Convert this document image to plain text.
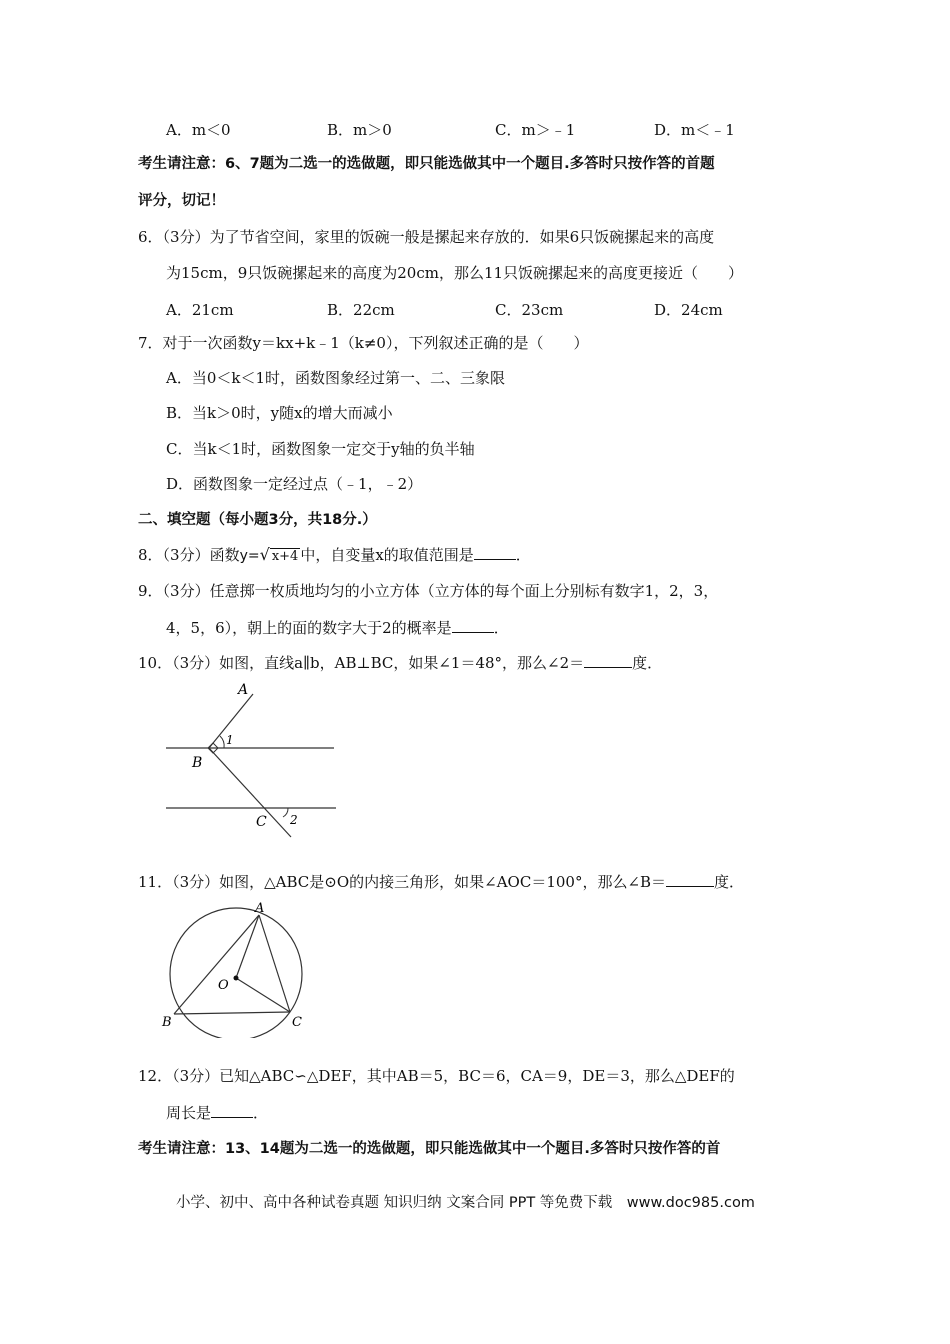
A．m＜0	B．m＞0	C．m＞﹣1	D．m＜﹣1
考生请注意：6、7题为二选一的选做题，即只能选做其中一个题目.多答时只按作答的首题
评分，切记！
6．（3分）为了节省空间，家里的饭碗一般是摞起来存放的．如果6只饭碗摞起来的高度
为15cm，9只饭碗摞起来的高度为20cm，那么11只饭碗摞起来的高度更接近（　　）
A．21cm	B．22cm	C．23cm	D．24cm
7．对于一次函数y＝kx+k﹣1（k≠0），下列叙述正确的是（　　）
A．当0＜k＜1时，函数图象经过第一、二、三象限
B．当k＞0时，y随x的增大而减小
C．当k＜1时，函数图象一定交于y轴的负半轴
D．函数图象一定经过点（﹣1，﹣2）
二、填空题（每小题3分，共18分.）
8．（3分）函数y=√ x+4 中，自变量x的取值范围是	．
9．（3分）任意掷一枚质地均匀的小立方体（立方体的每个面上分别标有数字1，2，3，
4，5，6），朝上的面的数字大于2的概率是	．
10．（3分）如图，直线a∥b，AB⊥BC，如果∠1＝48°，那么∠2＝	度．
A
B
C
1
2
11．（3分）如图，△ABC是⊙O的内接三角形，如果∠AOC＝100°，那么∠B＝	度．
A
B	C
O
12．（3分）已知△ABC∽△DEF，其中AB＝5，BC＝6，CA＝9，DE＝3，那么△DEF的
周长是	．
考生请注意：13、14题为二选一的选做题，即只能选做其中一个题目.多答时只按作答的首
小学、初中、高中各种试卷真题 知识归纳 文案合同 PPT 等免费下载　www.doc985.com
